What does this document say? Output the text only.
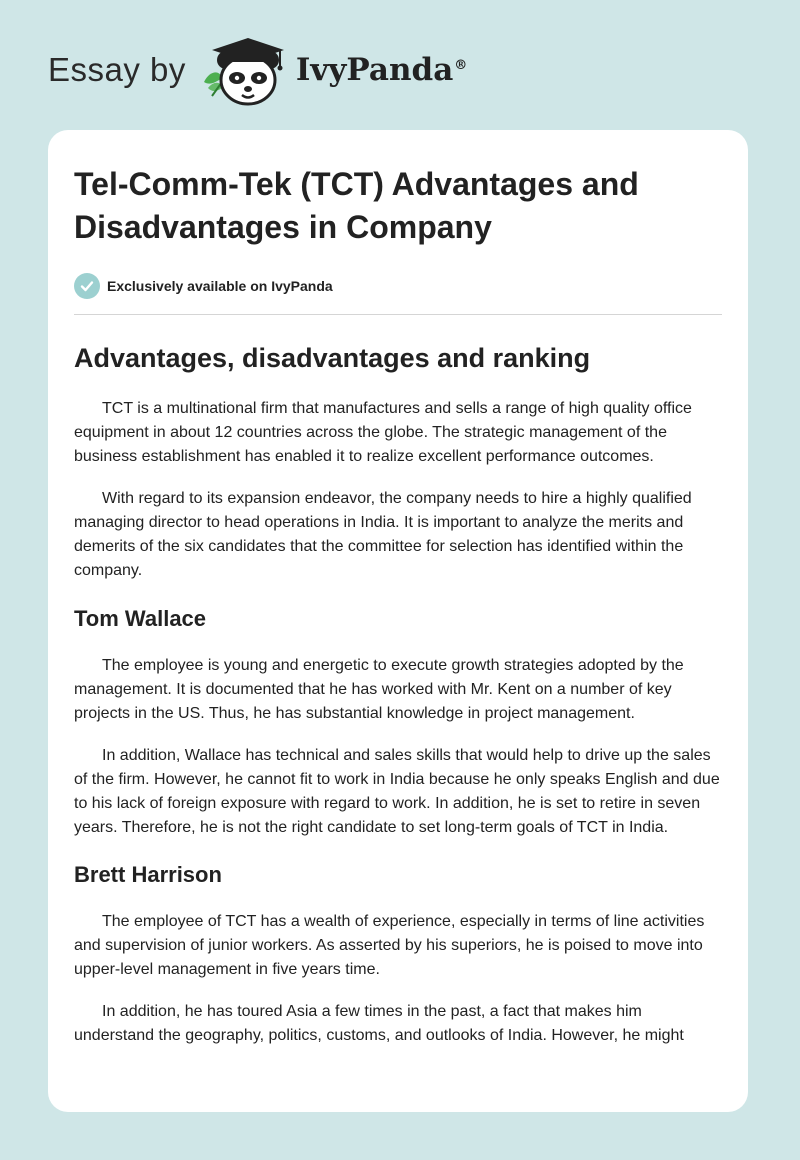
Essay by	IvyPanda®
Tel-Comm-Tek (TCT) Advantages and Disadvantages in Company
Exclusively available on IvyPanda
Advantages, disadvantages and ranking

TCT is a multinational firm that manufactures and sells a range of high quality office equipment in about 12 countries across the globe. The strategic management of the business establishment has enabled it to realize excellent performance outcomes.

With regard to its expansion endeavor, the company needs to hire a highly qualified managing director to head operations in India. It is important to analyze the merits and demerits of the six candidates that the committee for selection has identified within the company.

Tom Wallace

The employee is young and energetic to execute growth strategies adopted by the management. It is documented that he has worked with Mr. Kent on a number of key projects in the US. Thus, he has substantial knowledge in project management.

In addition, Wallace has technical and sales skills that would help to drive up the sales of the firm. However, he cannot fit to work in India because he only speaks English and due to his lack of foreign exposure with regard to work. In addition, he is set to retire in seven years. Therefore, he is not the right candidate to set long-term goals of TCT in India.

Brett Harrison

The employee of TCT has a wealth of experience, especially in terms of line activities and supervision of junior workers. As asserted by his superiors, he is poised to move into upper-level management in five years time.

In addition, he has toured Asia a few times in the past, a fact that makes him understand the geography, politics, customs, and outlooks of India. However, he might
